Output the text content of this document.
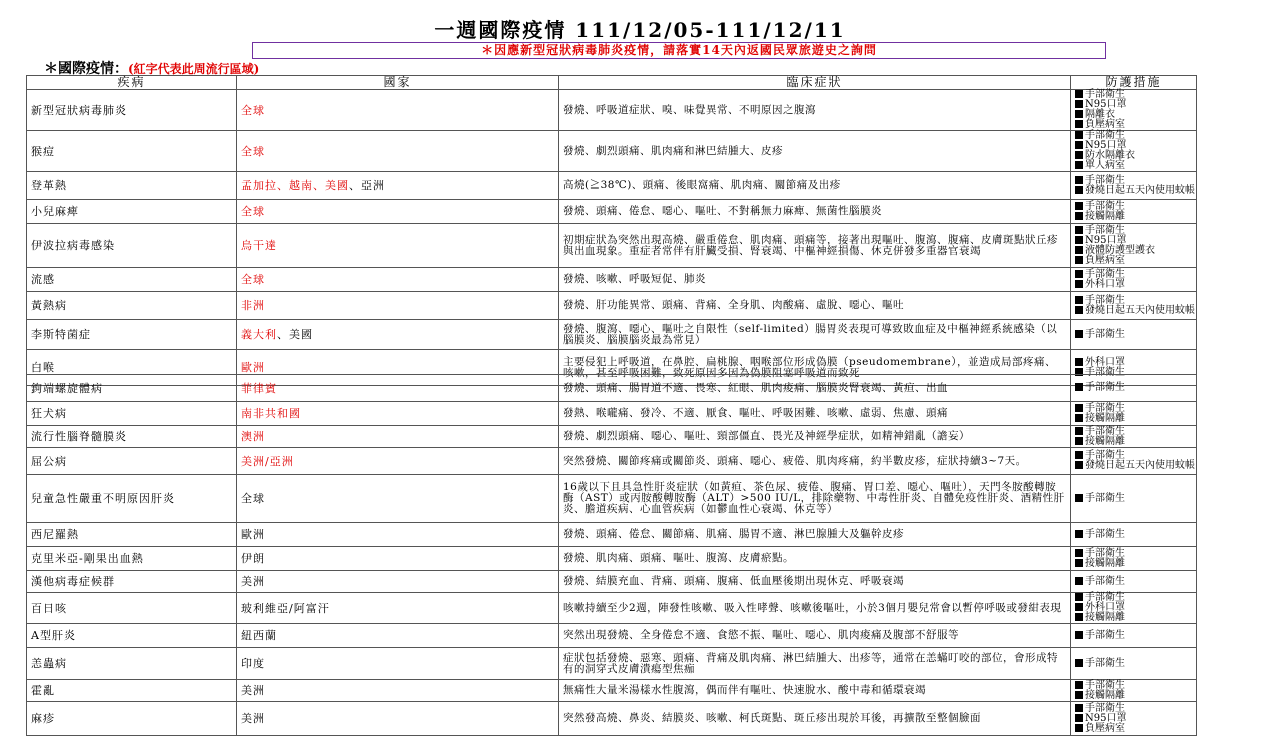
一週國際疫情 111/12/05-111/12/11
＊因應新型冠狀病毒肺炎疫情，請落實14天內返國民眾旅遊史之詢問
＊國際疫情：(紅字代表此周流行區域)
疾病	國家	臨床症狀	防護措施
新型冠狀病毒肺炎	全球	發燒、呼吸道症狀、嗅、味覺異常、不明原因之腹瀉	手部衛生
N95口罩
隔離衣
負壓病室

猴痘	全球	發燒、劇烈頭痛、肌肉痛和淋巴結腫大、皮疹	手部衛生
N95口罩
防水隔離衣
單人病室

登革熱	孟加拉、越南、美國、亞洲	高燒(≧38℃)、頭痛、後眼窩痛、肌肉痛、關節痛及出疹	手部衛生
發燒日起五天內使用蚊帳

小兒麻痺	全球	發燒、頭痛、倦怠、噁心、嘔吐、不對稱無力麻痺、無菌性腦膜炎	手部衛生
接觸隔離

伊波拉病毒感染	烏干達	初期症狀為突然出現高燒、嚴重倦怠、肌肉痛、頭痛等，接著出現嘔吐、腹瀉、腹痛、皮膚斑點狀丘疹與出血現象。重症者常伴有肝臟受損、腎衰竭、中樞神經損傷、休克併發多重器官衰竭	手部衛生
N95口罩
液體防護型護衣
負壓病室

流感	全球	發燒、咳嗽、呼吸短促、肺炎	手部衛生
外科口罩

黃熱病	非洲	發燒、肝功能異常、頭痛、背痛、全身肌、肉酸痛、虛脫、噁心、嘔吐	手部衛生
發燒日起五天內使用蚊帳

李斯特菌症	義大利、美國	發燒、腹瀉、噁心、嘔吐之自限性（self-limited）腸胃炎表現可導致敗血症及中樞神經系統感染（以腦膜炎、腦膜腦炎最為常見）	手部衛生

白喉	歐洲	主要侵犯上呼吸道，在鼻腔、扁桃腺、咽喉部位形成偽膜（pseudomembrane），並造成局部疼痛、咳嗽，甚至呼吸困難，致死原因多因為偽膜阻塞呼吸道而致死	外科口罩
手部衛生
鉤端螺旋體病	菲律賓	發燒、頭痛、腸胃道不適、畏寒、紅眼、肌肉痠痛、腦膜炎腎衰竭、黃疸、出血	手部衛生

狂犬病	南非共和國	發熱、喉嚨痛、發冷、不適、厭食、嘔吐、呼吸困難、咳嗽、虛弱、焦慮、頭痛	手部衛生
接觸隔離

流行性腦脊髓膜炎	澳洲	發燒、劇烈頭痛、噁心、嘔吐、頸部僵直、畏光及神經學症狀，如精神錯亂（譫妄）	手部衛生
接觸隔離

屈公病	美洲/亞洲	突然發燒、關節疼痛或關節炎、頭痛、噁心、疲倦、肌肉疼痛，約半數皮疹，症狀持續3~7天。	手部衛生
發燒日起五天內使用蚊帳

兒童急性嚴重不明原因肝炎	全球	16歲以下且具急性肝炎症狀（如黃疸、茶色尿、疲倦、腹痛、胃口差、噁心、嘔吐），天門冬胺酸轉胺酶（AST）或丙胺酸轉胺酶（ALT）>500 IU/L，排除藥物、中毒性肝炎、自體免疫性肝炎、酒精性肝炎、膽道疾病、心血管疾病（如鬱血性心衰竭、休克等）	手部衛生

西尼羅熱	歐洲	發燒、頭痛、倦怠、關節痛、肌痛、腸胃不適、淋巴腺腫大及軀幹皮疹	手部衛生

克里米亞-剛果出血熱	伊朗	發燒、肌肉痛、頭痛、嘔吐、腹瀉、皮膚瘀點。	手部衛生
接觸隔離

漢他病毒症候群	美洲	發燒、結膜充血、背痛、頭痛、腹痛、低血壓後期出現休克、呼吸衰竭	手部衛生

百日咳	玻利維亞/阿富汗	咳嗽持續至少2週，陣發性咳嗽、吸入性哮聲、咳嗽後嘔吐，小於3個月嬰兒常會以暫停呼吸或發紺表現	手部衛生
外科口罩
接觸隔離

A型肝炎	紐西蘭	突然出現發燒、全身倦怠不適、食慾不振、嘔吐、噁心、肌肉痠痛及腹部不舒服等	手部衛生

恙蟲病	印度	症狀包括發燒、惡寒、頭痛、背痛及肌肉痛、淋巴結腫大、出疹等，通常在恙蟎叮咬的部位，會形成特有的洞穿式皮膚潰瘍型焦痂	手部衛生

霍亂	美洲	無痛性大量米湯樣水性腹瀉，偶而伴有嘔吐、快速脫水、酸中毒和循環衰竭	手部衛生
接觸隔離

麻疹	美洲	突然發高燒、鼻炎、結膜炎、咳嗽、柯氏斑點、斑丘疹出現於耳後，再擴散至整個臉面	手部衛生
N95口罩
負壓病室
